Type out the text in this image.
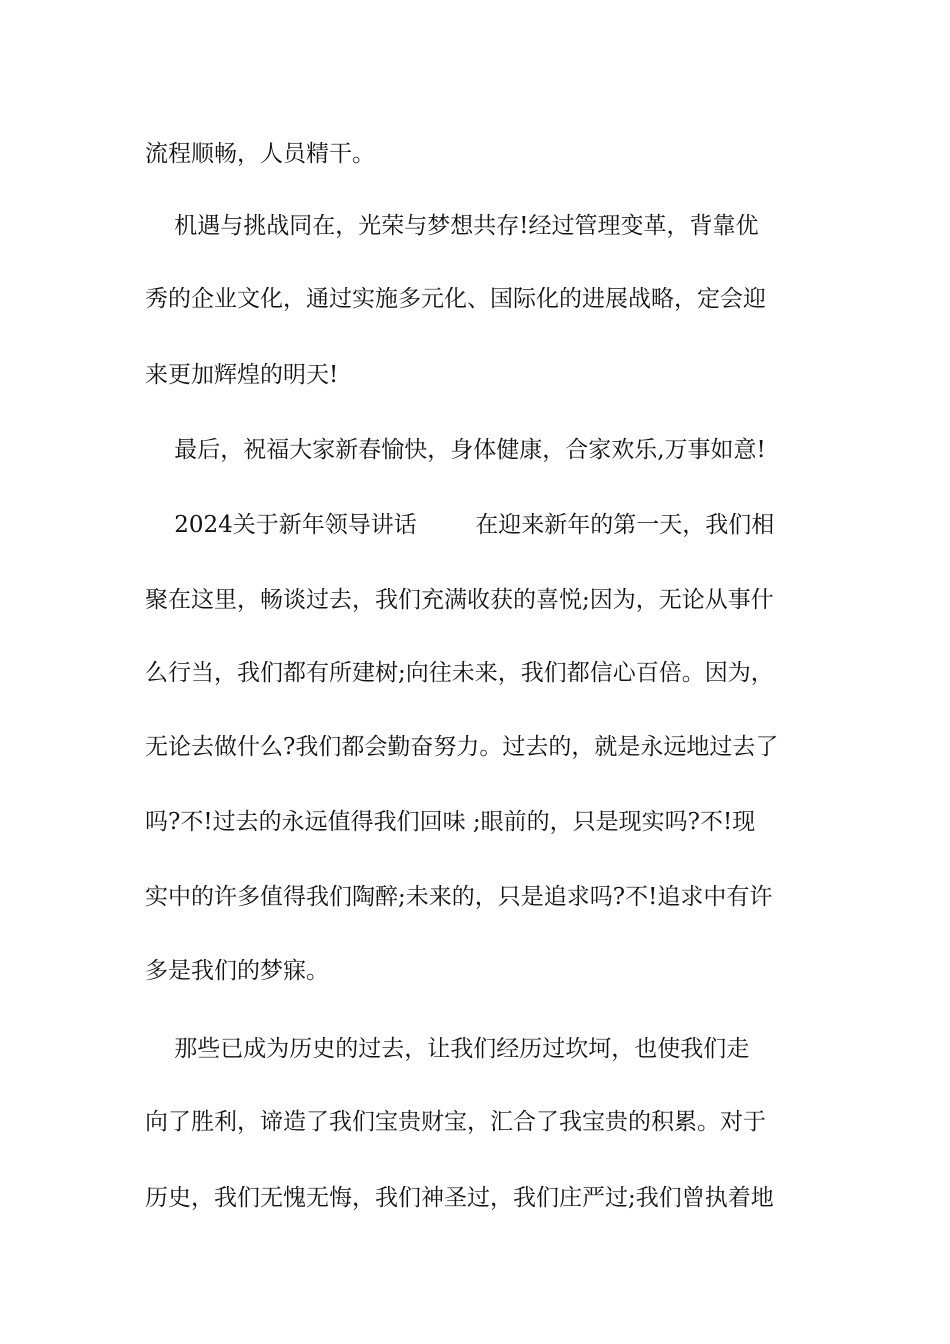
流程顺畅，人员精干。
机遇与挑战同在，光荣与梦想共存!经过管理变革，背靠优
秀的企业文化，通过实施多元化、国际化的进展战略，定会迎
来更加辉煌的明天!
最后，祝福大家新春愉快，身体健康，合家欢乐,万事如意!
2024关于新年领导讲话        在迎来新年的第一天，我们相
聚在这里，畅谈过去，我们充满收获的喜悦;因为，无论从事什
么行当，我们都有所建树;向往未来，我们都信心百倍。因为，
无论去做什么?我们都会勤奋努力。过去的，就是永远地过去了
吗?不!过去的永远值得我们回味 ;眼前的，只是现实吗?不!现
实中的许多值得我们陶醉;未来的，只是追求吗?不!追求中有许
多是我们的梦寐。
那些已成为历史的过去，让我们经历过坎坷，也使我们走
向了胜利，谛造了我们宝贵财宝，汇合了我宝贵的积累。对于
历史，我们无愧无悔，我们神圣过，我们庄严过;我们曾执着地
